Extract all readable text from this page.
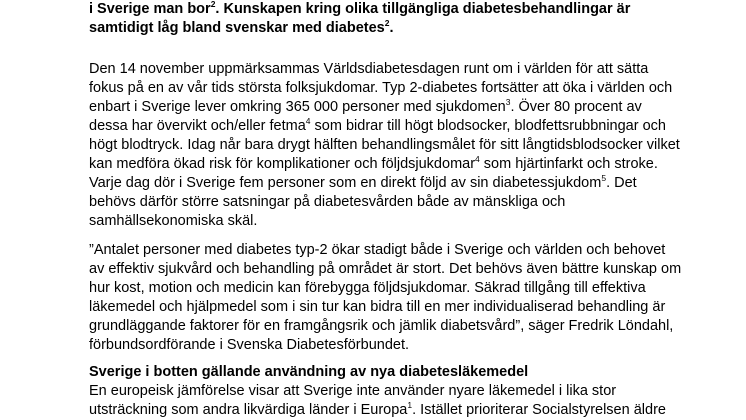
i Sverige man bor$^2$. Kunskapen kring olika tillgängliga diabetesbehandlingar är
samtidigt låg bland svenskar med diabetes$^2$.
Den 14 november uppmärksammas Världsdiabetesdagen runt om i världen för att sätta
fokus på en av vår tids största folksjukdomar. Typ 2-diabetes fortsätter att öka i världen och
enbart i Sverige lever omkring 365 000 personer med sjukdomen$^3$. Över 80 procent av
dessa har övervikt och/eller fetma$^4$ som bidrar till högt blodsocker, blodfettsrubbningar och
högt blodtryck. Idag når bara drygt hälften behandlingsmålet för sitt långtidsblodsocker vilket
kan medföra ökad risk för komplikationer och följdsjukdomar$^4$ som hjärtinfarkt och stroke.
Varje dag dör i Sverige fem personer som en direkt följd av sin diabetessjukdom$^5$. Det
behövs därför större satsningar på diabetesvården både av mänskliga och
samhällsekonomiska skäl.
”Antalet personer med diabetes typ-2 ökar stadigt både i Sverige och världen och behovet
av effektiv sjukvård och behandling på området är stort. Det behövs även bättre kunskap om
hur kost, motion och medicin kan förebygga följdsjukdomar. Säkrad tillgång till effektiva
läkemedel och hjälpmedel som i sin tur kan bidra till en mer individualiserad behandling är
grundläggande faktorer för en framgångsrik och jämlik diabetsvård”, säger Fredrik Löndahl,
förbundsordförande i Svenska Diabetesförbundet.
Sverige i botten gällande användning av nya diabetesläkemedel
En europeisk jämförelse visar att Sverige inte använder nyare läkemedel i lika stor
utsträckning som andra likvärdiga länder i Europa$^1$. Istället prioriterar Socialstyrelsen äldre
